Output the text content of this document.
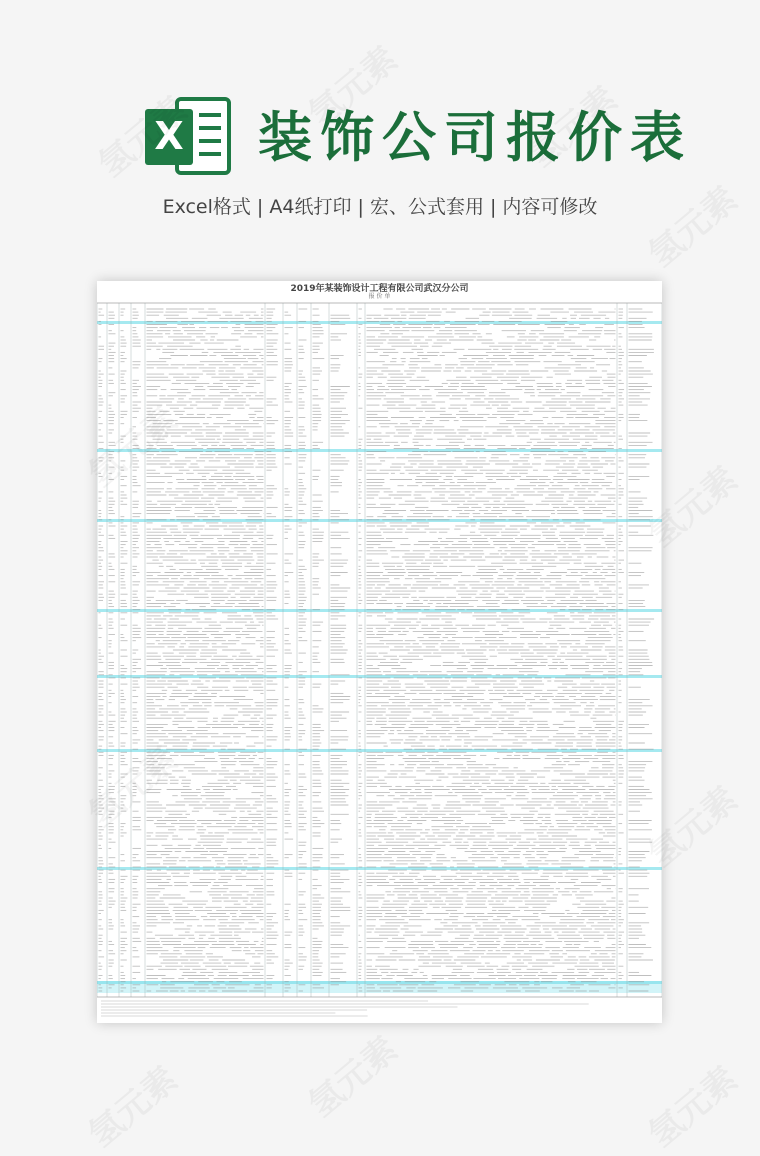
X 装饰公司报价表
Excel格式 | A4纸打印 | 宏、公式套用 | 内容可修改
2019年某装饰设计工程有限公司武汉分公司
报 价 单
